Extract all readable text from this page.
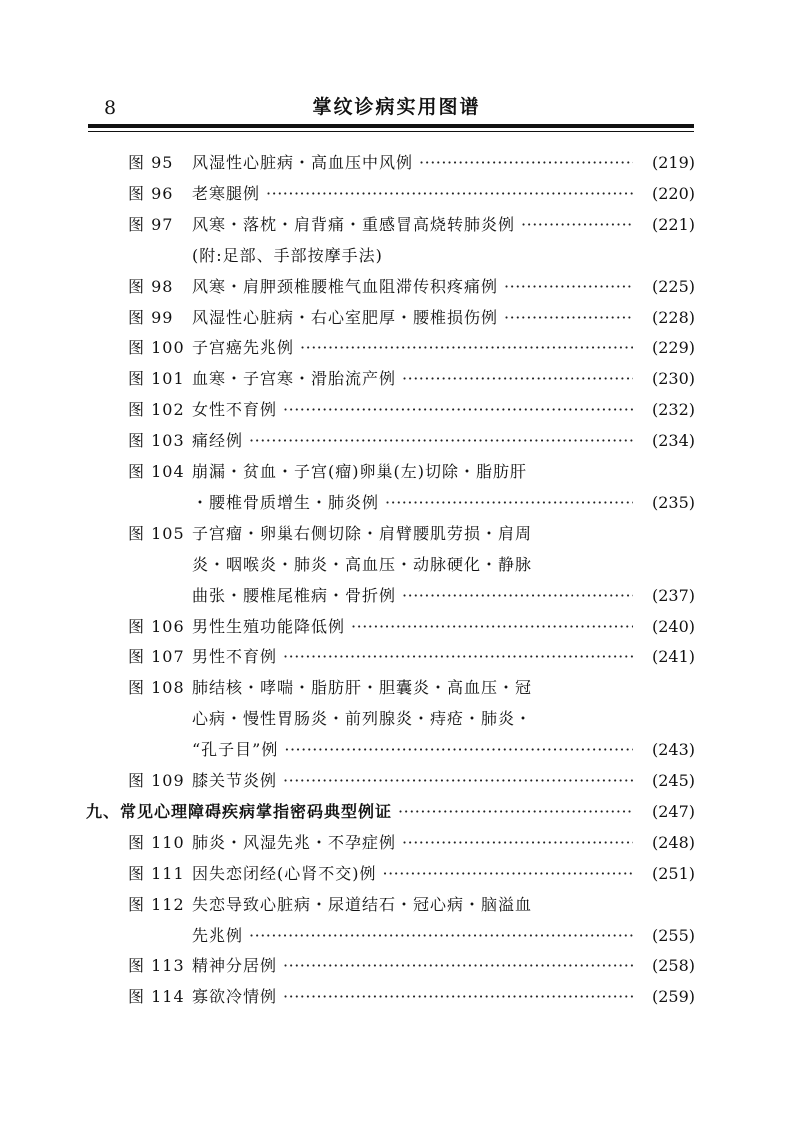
8	掌纹诊病实用图谱
图 95 风湿性心脏病・高血压中风例 ·····	(219)
图 96 老寒腿例 ·····	(220)
图 97 风寒・落枕・肩背痛・重感冒高烧转肺炎例 ·····	(221)
(附:足部、手部按摩手法)
图 98 风寒・肩胛颈椎腰椎气血阻滞传积疼痛例 ·····	(225)
图 99 风湿性心脏病・右心室肥厚・腰椎损伤例 ·····	(228)
图 100 子宫癌先兆例 ·····	(229)
图 101 血寒・子宫寒・滑胎流产例 ·····	(230)
图 102 女性不育例 ·····	(232)
图 103 痛经例 ·····	(234)
图 104 崩漏・贫血・子宫(瘤)卵巢(左)切除・脂肪肝
・腰椎骨质增生・肺炎例 ·····	(235)
图 105 子宫瘤・卵巢右侧切除・肩臂腰肌劳损・肩周
炎・咽喉炎・肺炎・高血压・动脉硬化・静脉
曲张・腰椎尾椎病・骨折例 ·····	(237)
图 106 男性生殖功能降低例 ·····	(240)
图 107 男性不育例 ·····	(241)
图 108 肺结核・哮喘・脂肪肝・胆囊炎・高血压・冠
心病・慢性胃肠炎・前列腺炎・痔疮・肺炎・
“孔子目”例 ·····	(243)
图 109 膝关节炎例 ·····	(245)
九、常见心理障碍疾病掌指密码典型例证 ·····	(247)
图 110 肺炎・风湿先兆・不孕症例 ·····	(248)
图 111 因失恋闭经(心肾不交)例 ·····	(251)
图 112 失恋导致心脏病・尿道结石・冠心病・脑溢血
先兆例 ·····	(255)
图 113 精神分居例 ·····	(258)
图 114 寡欲冷情例 ·····	(259)
